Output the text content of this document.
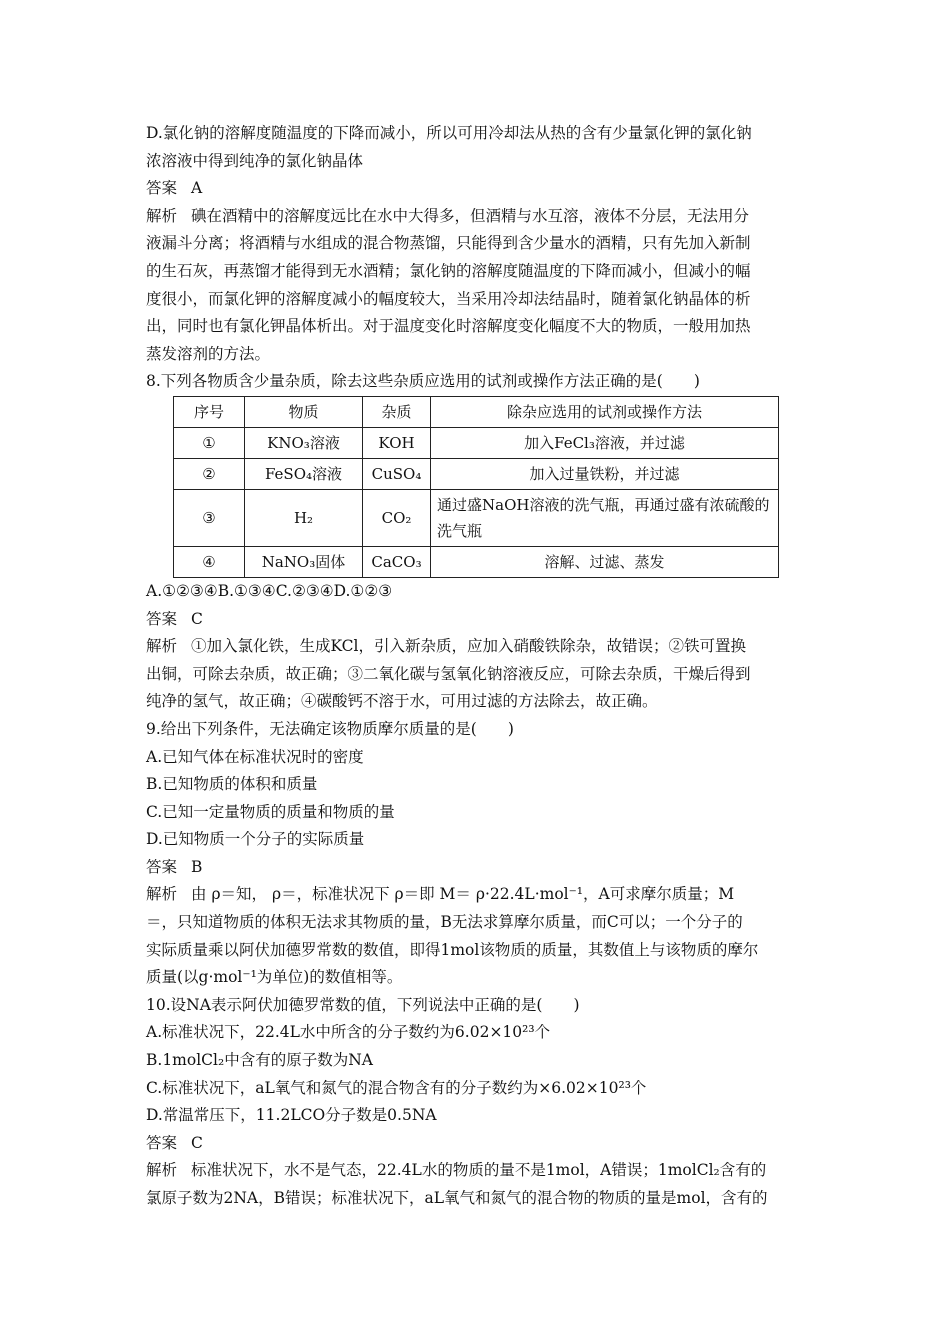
D.氯化钠的溶解度随温度的下降而减小，所以可用冷却法从热的含有少量氯化钾的氯化钠

浓溶液中得到纯净的氯化钠晶体

答案 A

解析 碘在酒精中的溶解度远比在水中大得多，但酒精与水互溶，液体不分层，无法用分

液漏斗分离；将酒精与水组成的混合物蒸馏，只能得到含少量水的酒精，只有先加入新制

的生石灰，再蒸馏才能得到无水酒精；氯化钠的溶解度随温度的下降而减小，但减小的幅

度很小，而氯化钾的溶解度减小的幅度较大，当采用冷却法结晶时，随着氯化钠晶体的析

出，同时也有氯化钾晶体析出。对于温度变化时溶解度变化幅度不大的物质，一般用加热

蒸发溶剂的方法。

8.下列各物质含少量杂质，除去这些杂质应选用的试剂或操作方法正确的是(　　)

序号	物质	杂质	除杂应选用的试剂或操作方法
①	KNO₃溶液	KOH	加入FeCl₃溶液，并过滤
②	FeSO₄溶液	CuSO₄	加入过量铁粉，并过滤
③	H₂	CO₂	通过盛NaOH溶液的洗气瓶，再通过盛有浓硫酸的洗气瓶
④	NaNO₃固体	CaCO₃	溶解、过滤、蒸发

A.①②③④B.①③④C.②③④D.①②③

答案 C

解析 ①加入氯化铁，生成KCl，引入新杂质，应加入硝酸铁除杂，故错误；②铁可置换

出铜，可除去杂质，故正确；③二氧化碳与氢氧化钠溶液反应，可除去杂质，干燥后得到

纯净的氢气，故正确；④碳酸钙不溶于水，可用过滤的方法除去，故正确。

9.给出下列条件，无法确定该物质摩尔质量的是(　　)

A.已知气体在标准状况时的密度

B.已知物质的体积和质量

C.已知一定量物质的质量和物质的量

D.已知物质一个分子的实际质量

答案 B

解析 由 ρ＝知， ρ＝，标准状况下 ρ＝即 M＝ ρ·22.4L·mol⁻¹，A可求摩尔质量；M

＝，只知道物质的体积无法求其物质的量，B无法求算摩尔质量，而C可以；一个分子的

实际质量乘以阿伏加德罗常数的数值，即得1mol该物质的质量，其数值上与该物质的摩尔

质量(以g·mol⁻¹为单位)的数值相等。

10.设NA表示阿伏加德罗常数的值，下列说法中正确的是(　　)

A.标准状况下，22.4L水中所含的分子数约为6.02×10²³个

B.1molCl₂中含有的原子数为NA

C.标准状况下，aL氧气和氮气的混合物含有的分子数约为×6.02×10²³个

D.常温常压下，11.2LCO分子数是0.5NA

答案 C

解析 标准状况下，水不是气态，22.4L水的物质的量不是1mol，A错误；1molCl₂含有的

氯原子数为2NA，B错误；标准状况下，aL氧气和氮气的混合物的物质的量是mol，含有的
